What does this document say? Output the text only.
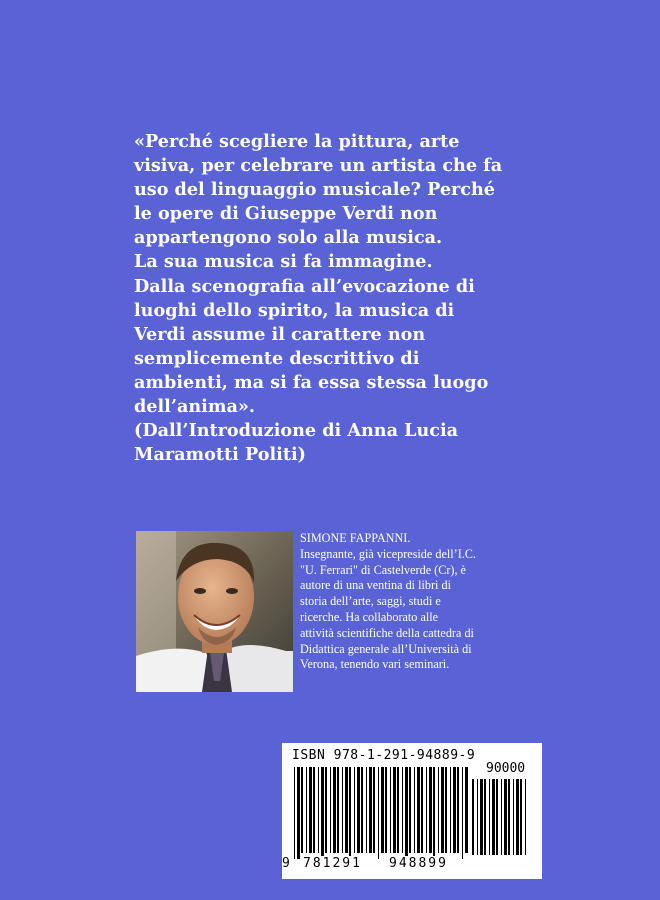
«Perché scegliere la pittura, arte
visiva, per celebrare un artista che fa
uso del linguaggio musicale? Perché
le opere di Giuseppe Verdi non
appartengono solo alla musica.
La sua musica si fa immagine.
Dalla scenografia all’evocazione di
luoghi dello spirito, la musica di
Verdi assume il carattere non
semplicemente descrittivo di
ambienti, ma si fa essa stessa luogo
dell’anima».
(Dall’Introduzione di Anna Lucia
Maramotti Politi)
SIMONE FAPPANNI.
Insegnante, già vicepreside dell’I.C.
"U. Ferrari" di Castelverde (Cr), è
autore di una ventina di libri di
storia dell’arte, saggi, studi e
ricerche. Ha collaborato alle
attività scientifiche della cattedra di
Didattica generale all’Università di
Verona, tenendo vari seminari.
ISBN 978-1-291-94889-9
90000
9 781291 948899
